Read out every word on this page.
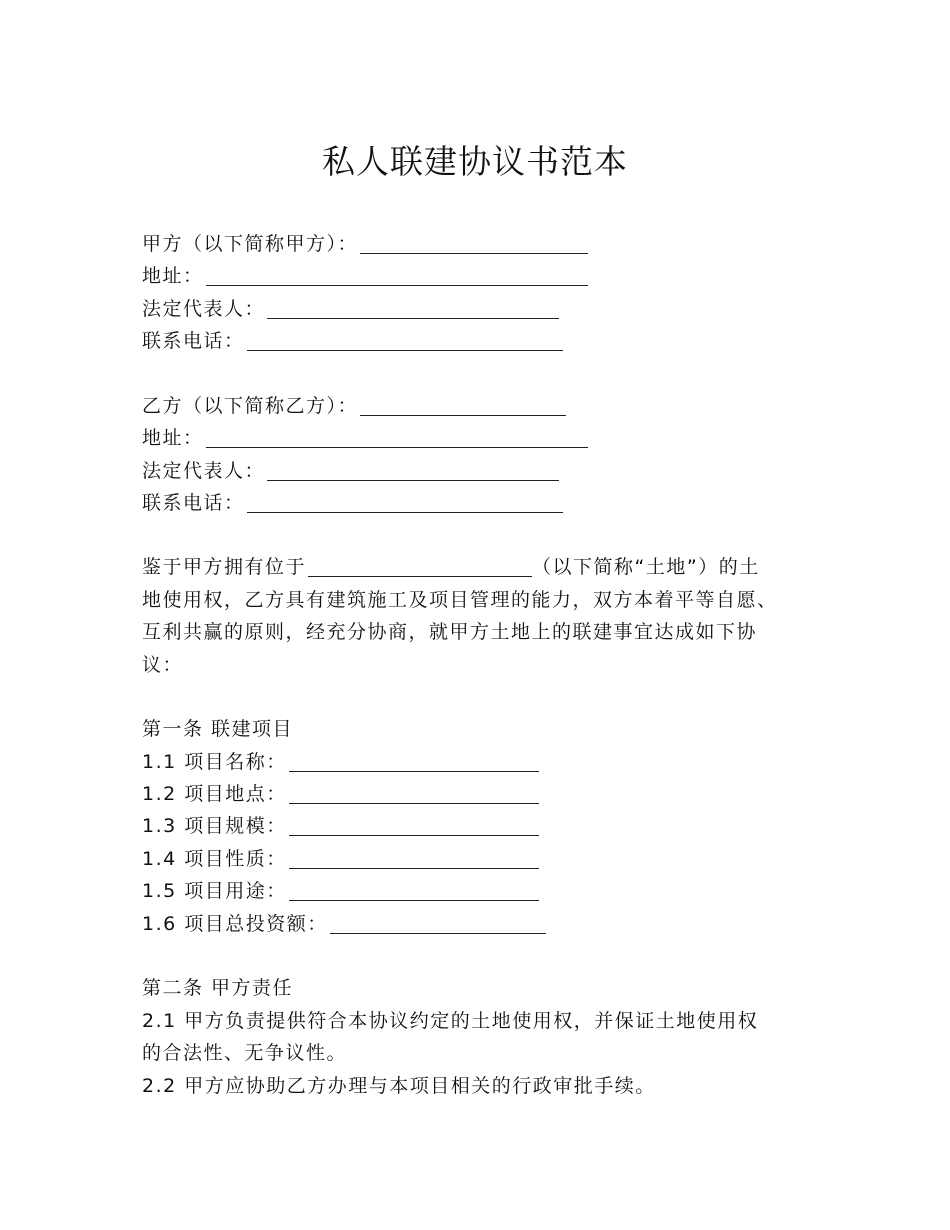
私人联建协议书范本
甲方（以下简称甲方）：
地址：
法定代表人：
联系电话：
乙方（以下简称乙方）：
地址：
法定代表人：
联系电话：
鉴于甲方拥有位于	（以下简称“土地”）的土
地使用权，乙方具有建筑施工及项目管理的能力，双方本着平等自愿、
互利共赢的原则，经充分协商，就甲方土地上的联建事宜达成如下协
议：
第一条 联建项目
1.1 项目名称：
1.2 项目地点：
1.3 项目规模：
1.4 项目性质：
1.5 项目用途：
1.6 项目总投资额：
第二条 甲方责任
2.1 甲方负责提供符合本协议约定的土地使用权，并保证土地使用权
的合法性、无争议性。
2.2 甲方应协助乙方办理与本项目相关的行政审批手续。
